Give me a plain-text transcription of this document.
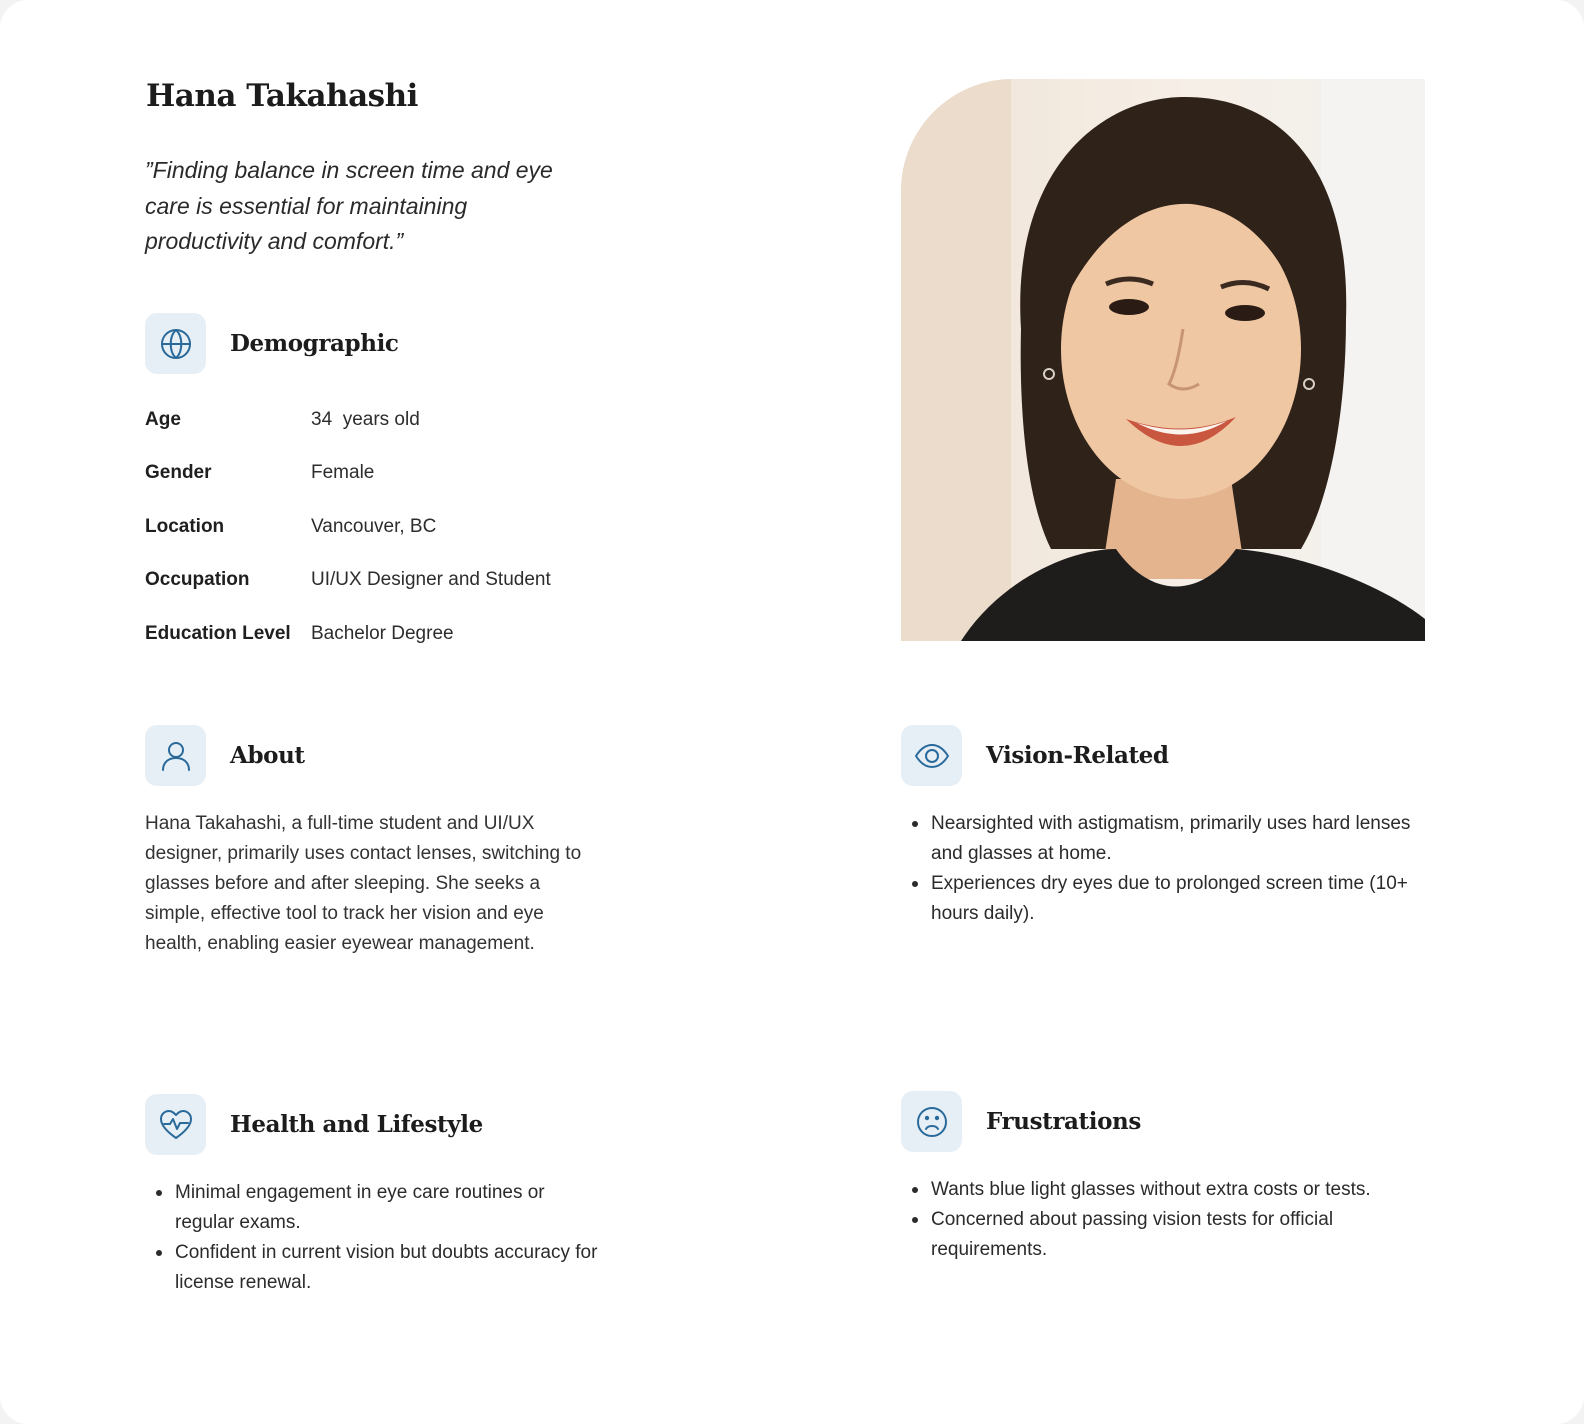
Hana Takahashi

”Finding balance in screen time and eye care is essential for maintaining productivity and comfort.”

Demographic
Age	34  years old
Gender	Female
Location	Vancouver, BC
Occupation	UI/UX Designer and Student
Education Level	Bachelor Degree
About

Hana Takahashi, a full-time student and UI/UX designer, primarily uses contact lenses, switching to glasses before and after sleeping. She seeks a simple, effective tool to track her vision and eye health, enabling easier eyewear management.

Vision-Related
Nearsighted with astigmatism, primarily uses hard lenses and glasses at home.
Experiences dry eyes due to prolonged screen time (10+ hours daily).
Health and Lifestyle
Minimal engagement in eye care routines or regular exams.
Confident in current vision but doubts accuracy for license renewal.
Frustrations
Wants blue light glasses without extra costs or tests.
Concerned about passing vision tests for official requirements.
